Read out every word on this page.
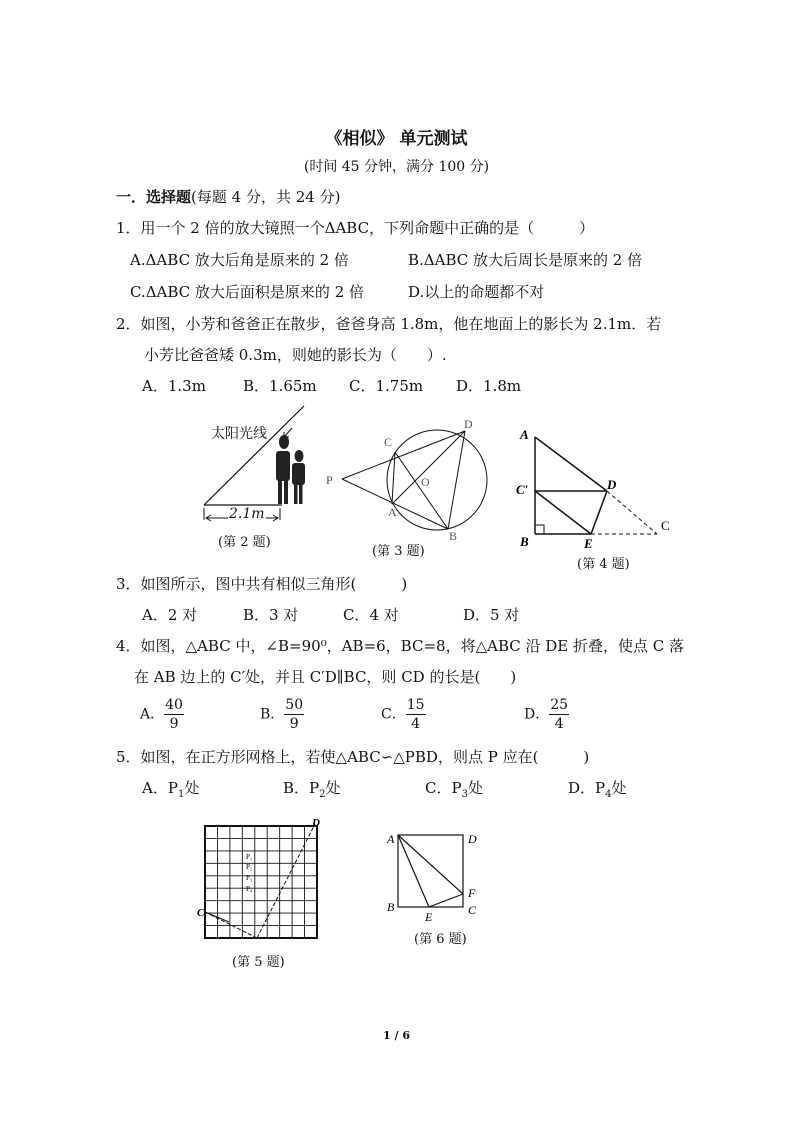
《相似》 单元测试
(时间 45 分钟，满分 100 分)
一．选择题(每题 4 分，共 24 分)
1．用一个 2 倍的放大镜照一个ΔABC，下列命题中正确的是（　　　）
A.ΔABC 放大后角是原来的 2 倍	B.ΔABC 放大后周长是原来的 2 倍
C.ΔABC 放大后面积是原来的 2 倍	D.以上的命题都不对
2．如图，小芳和爸爸正在散步，爸爸身高 1.8m，他在地面上的影长为 2.1m．若
小芳比爸爸矮 0.3m，则她的影长为（　　）.
A．1.3m B．1.65m C．1.75m D．1.8m
太阳光线
2.1m
(第 2 题)
P
C
D
O
A
B
(第 3 题)
A
C′	D
B	E
C
(第 4 题)
3．如图所示，图中共有相似三角形(　　　)
A．2 对	B．3 对	C．4 对	D．5 对
4．如图，△ABC 中，∠B=90⁰，AB=6，BC=8，将△ABC 沿 DE 折叠，使点 C 落
在 AB 边上的 C′处，并且 C′D∥BC，则 CD 的长是(　　)
A． $\frac{40}{9}$	B． $\frac{50}{9}$	C． $\frac{15}{4}$	D． $\frac{25}{4}$
5．如图，在正方形网格上，若使△ABC∽△PBD，则点 P 应在(　　　)
A．$P_1$处	B．$P_2$处	C．$P_3$处	D．$P_4$处
D
C
P₁
P₂
P₃
P₄
(第 5 题)
A	D
B	C
F
E
(第 6 题)
1 / 6
